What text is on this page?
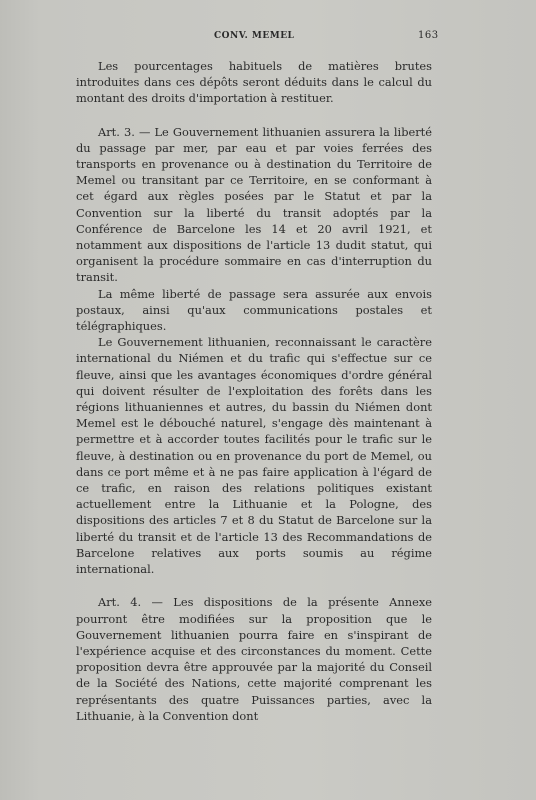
CONV. MEMEL	163

Les pourcentages habituels de matières brutes introduites dans ces dépôts seront déduits dans le calcul du montant des droits d'importation à restituer.

Art. 3. — Le Gouvernement lithuanien assurera la liberté du passage par mer, par eau et par voies ferrées des transports en provenance ou à destination du Territoire de Memel ou transitant par ce Territoire, en se conformant à cet égard aux règles posées par le Statut et par la Convention sur la liberté du transit adoptés par la Conférence de Barcelone les 14 et 20 avril 1921, et notamment aux dispositions de l'article 13 dudit statut, qui organisent la procédure sommaire en cas d'interruption du transit.

La même liberté de passage sera assurée aux envois postaux, ainsi qu'aux communications postales et télégraphiques.

Le Gouvernement lithuanien, reconnaissant le caractère international du Niémen et du trafic qui s'effectue sur ce fleuve, ainsi que les avantages économiques d'ordre général qui doivent résulter de l'exploitation des forêts dans les régions lithuaniennes et autres, du bassin du Niémen dont Memel est le débouché naturel, s'engage dès maintenant à permettre et à accorder toutes facilités pour le trafic sur le fleuve, à destination ou en provenance du port de Memel, ou dans ce port même et à ne pas faire application à l'égard de ce trafic, en raison des relations politiques existant actuellement entre la Lithuanie et la Pologne, des dispositions des articles 7 et 8 du Statut de Barcelone sur la liberté du transit et de l'article 13 des Recommandations de Barcelone relatives aux ports soumis au régime international.

Art. 4. — Les dispositions de la présente Annexe pourront être modifiées sur la proposition que le Gouvernement lithuanien pourra faire en s'inspirant de l'expérience acquise et des circonstances du moment. Cette proposition devra être approuvée par la majorité du Conseil de la Société des Nations, cette majorité comprenant les représentants des quatre Puissances parties, avec la Lithuanie, à la Convention dont
